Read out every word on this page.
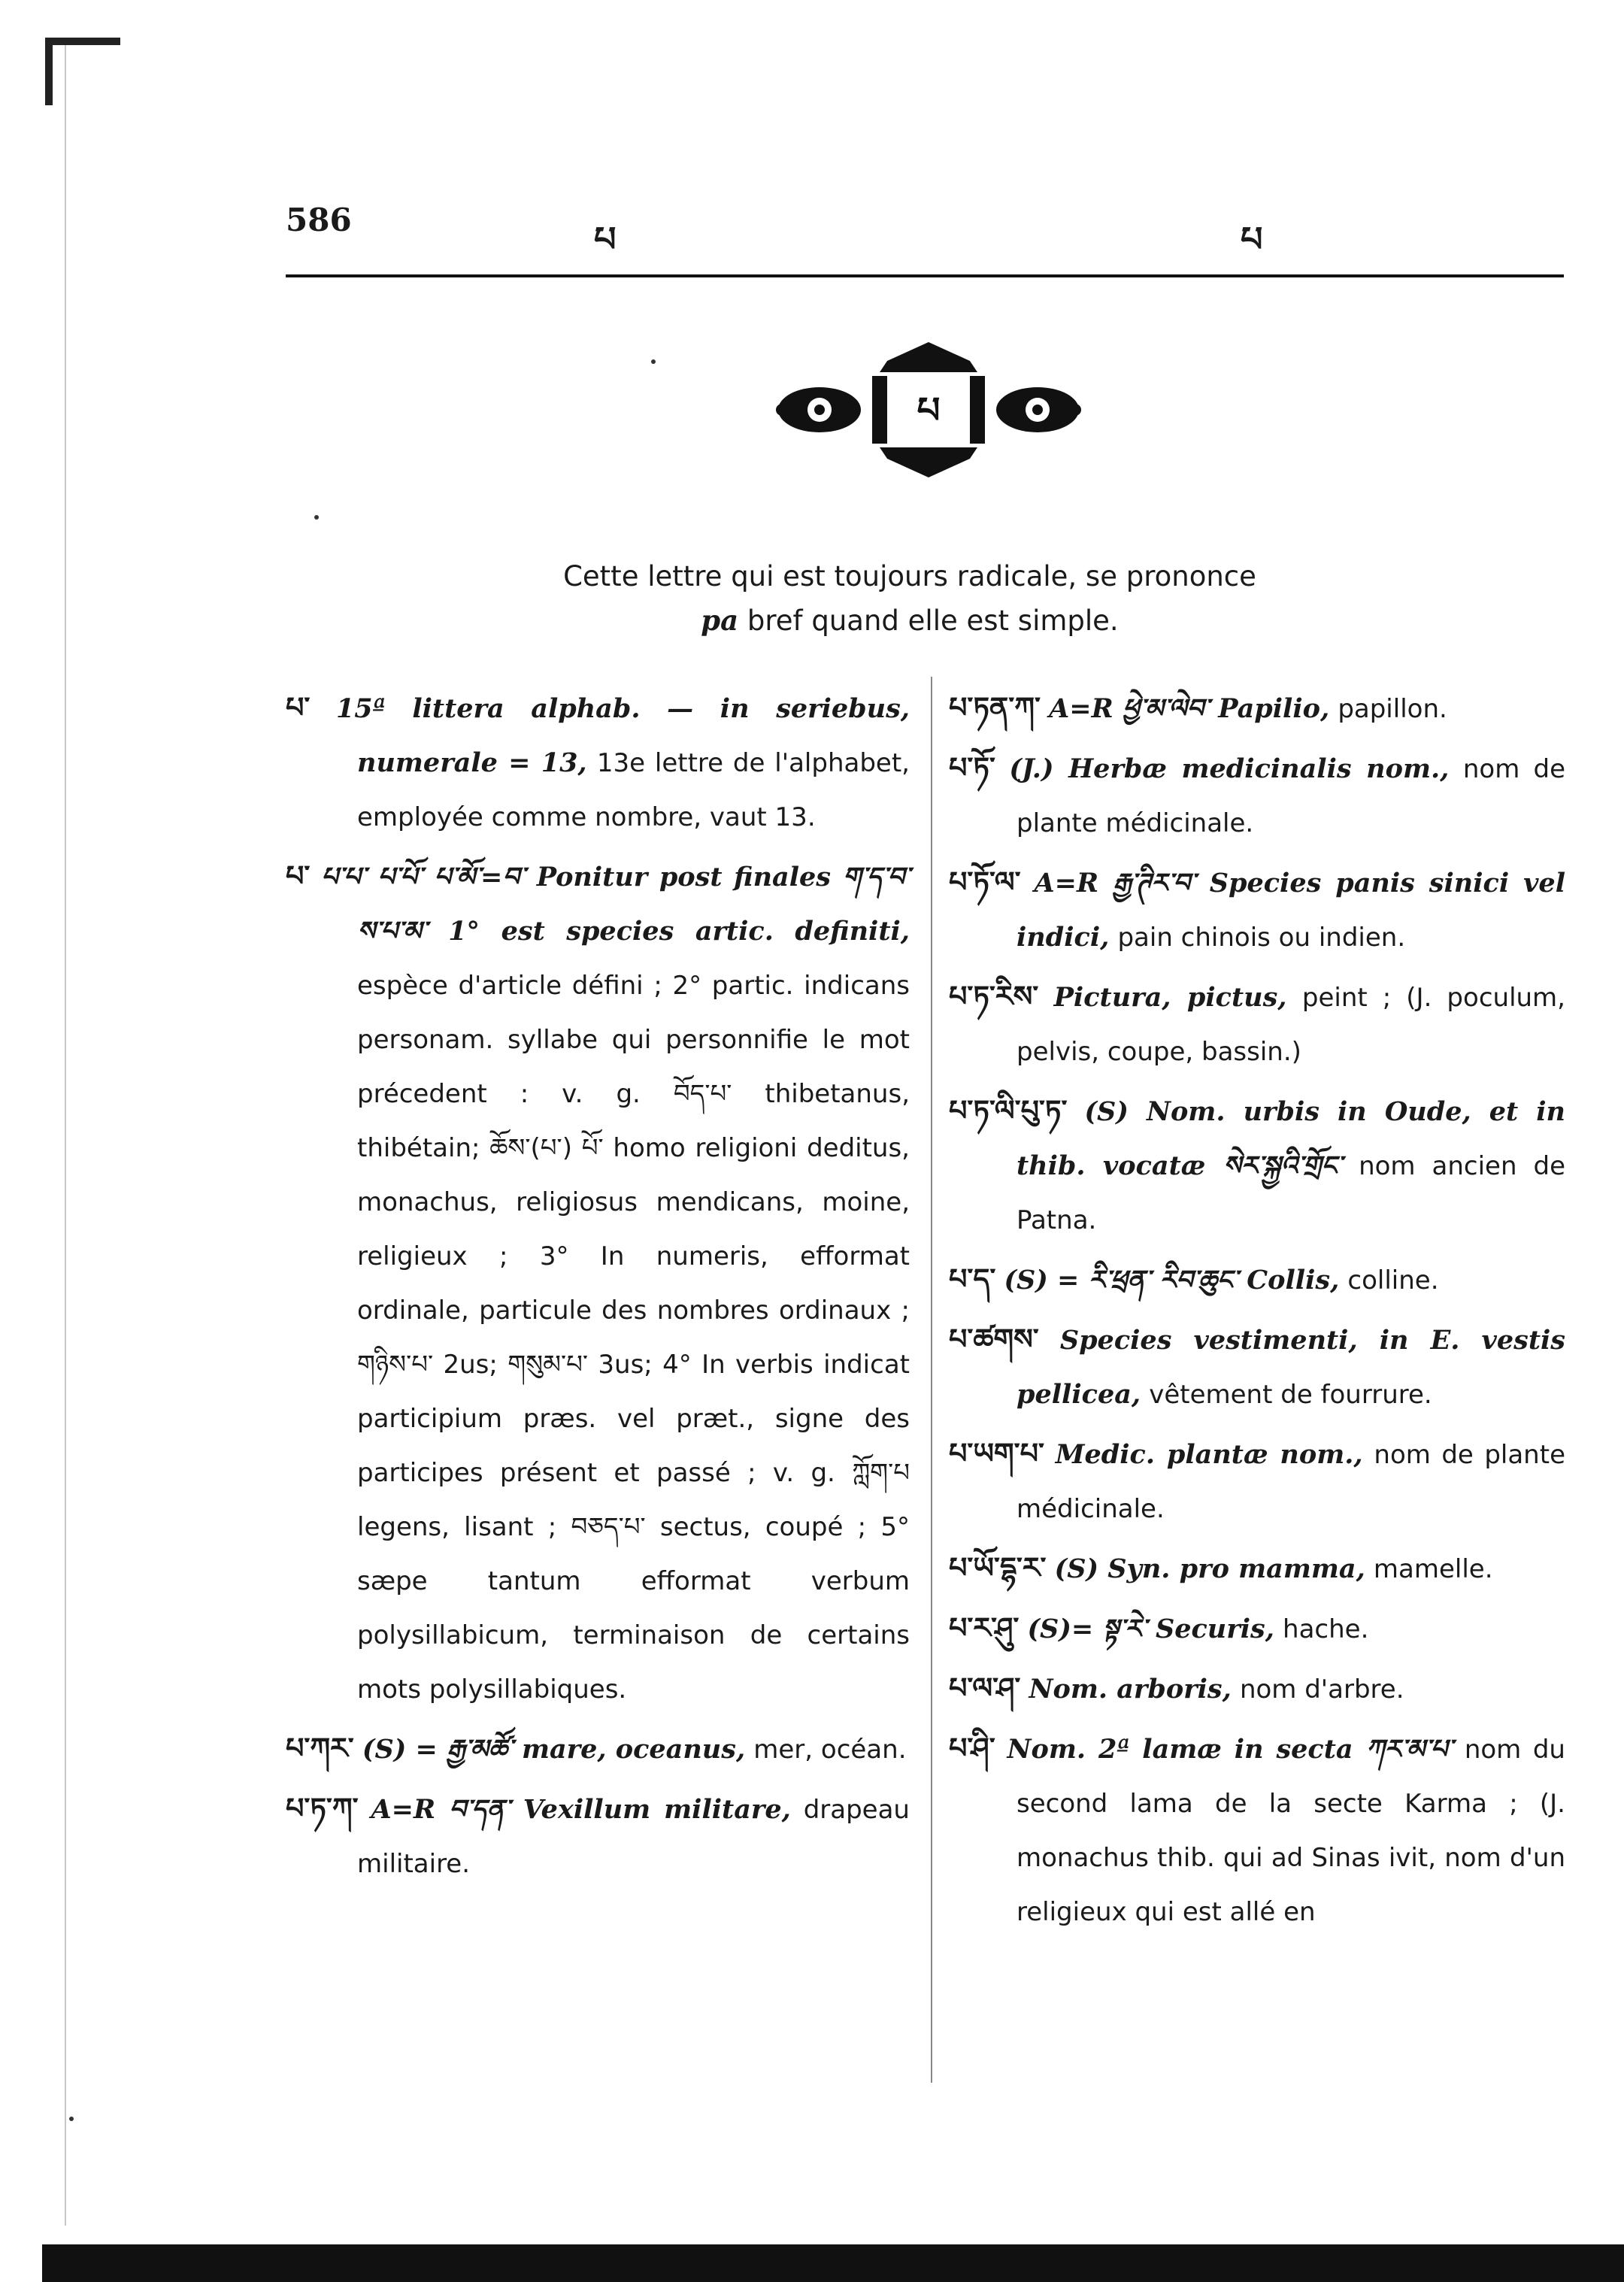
586	པ	པ
པ
Cette lettre qui est toujours radicale, se prononce
pa bref quand elle est simple.

པ་ 15ª littera alphab. — in seriebus, numerale = 13, 13e lettre de l'alphabet, employée comme nombre, vaut 13.

པ་ པ་པ་ པ་པོ་ པ་མོ་=བ་ Ponitur post finales ག་ད་བ་ས་པ་མ་ 1° est species artic. definiti, espèce d'article défini ; 2° partic. indicans personam. syllabe qui personnifie le mot précedent : v. g. བོད་པ་ thibetanus, thibétain; ཆོས་(པ་) པོ་ homo religioni deditus, monachus, religiosus mendicans, moine, religieux ; 3° In numeris, efformat ordinale, particule des nombres ordinaux ; གཉིས་པ་ 2us; གསུམ་པ་ 3us; 4° In verbis indicat participium præs. vel præt., signe des participes présent et passé ; v. g. ཀློག་པ legens, lisant ; བཅད་པ་ sectus, coupé ; 5° sæpe tantum efformat verbum polysillabicum, terminaison de certains mots polysillabiques.

པ་ཀར་ (S) = རྒྱ་མཚོ་ mare, oceanus, mer, océan.

པ་ཏ་ཀ་ A=R བ་དན་ Vexillum militare, drapeau militaire.

པ་ཏན་ཀ་ A=R ཕྱེ་མ་ལེབ་ Papilio, papillon.

པ་ཏོ་ (J.) Herbæ medicinalis nom., nom de plante médicinale.

པ་ཏོ་ལ་ A=R རྒྱ་ཊིར་བ་ Species panis sinici vel indici, pain chinois ou indien.

པ་ཏ་རིས་ Pictura, pictus, peint ; (J. poculum, pelvis, coupe, bassin.)

པ་ཏ་ལི་པུ་ཏ་ (S) Nom. urbis in Oude, et in thib. vocatæ སེར་སྐྱའི་གྲོང་ nom ancien de Patna.

པ་ད་ (S) = རི་ཕྲན་ རིབ་ཆུང་ Collis, colline.

པ་ཚགས་ Species vestimenti, in E. vestis pellicea, vêtement de fourrure.

པ་ཡག་པ་ Medic. plantæ nom., nom de plante médicinale.

པ་ཡོ་དྷ་ར་ (S) Syn. pro mamma, mamelle.

པ་ར་ཤུ་ (S)= སྟ་རེ་ Securis, hache.

པ་ལ་ཤ་ Nom. arboris, nom d'arbre.

པ་ཤི་ Nom. 2ª lamæ in secta ཀར་མ་པ་ nom du second lama de la secte Karma ; (J. monachus thib. qui ad Sinas ivit, nom d'un religieux qui est allé en
